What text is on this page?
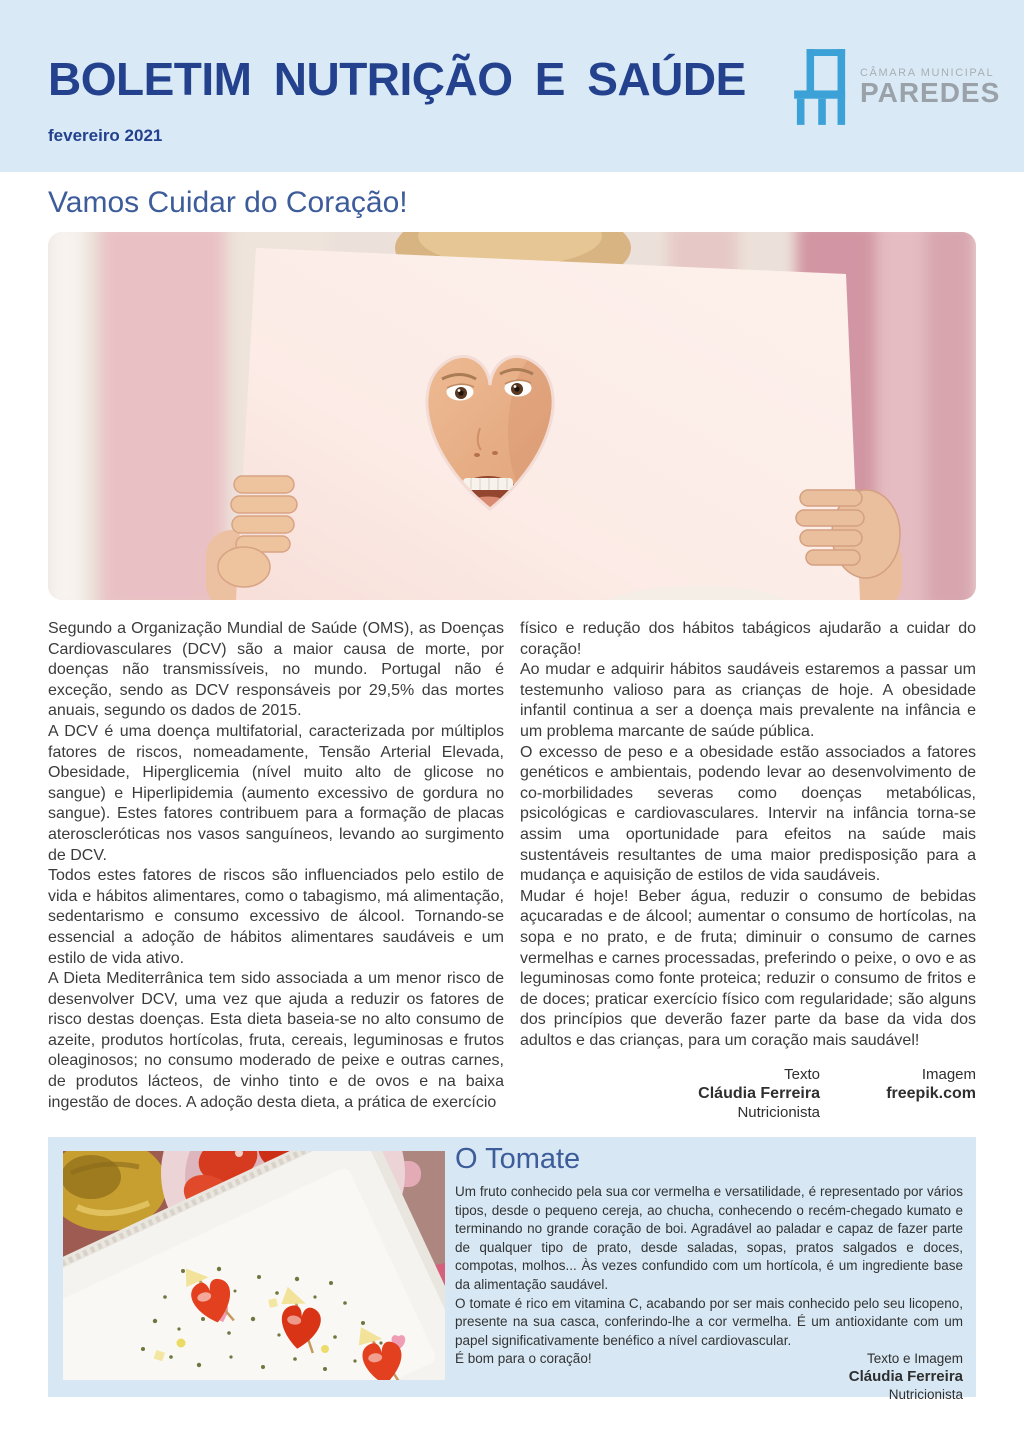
BOLETIM NUTRIÇÃO E SAÚDE
fevereiro 2021
CÂMARA MUNICIPAL
PAREDES
Vamos Cuidar do Coração!

Segundo a Organização Mundial de Saúde (OMS), as Doenças Cardiovasculares (DCV) são a maior causa de morte, por doenças não transmissíveis, no mundo. Portugal não é exceção, sendo as DCV responsáveis por 29,5% das mortes anuais, segundo os dados de 2015.

A DCV é uma doença multifatorial, caracterizada por múltiplos fatores de riscos, nomeadamente, Tensão Arterial Elevada, Obesidade, Hiperglicemia (nível muito alto de glicose no sangue) e Hiperlipidemia (aumento excessivo de gordura no sangue). Estes fatores contribuem para a formação de placas ateroscleróticas nos vasos sanguíneos, levando ao surgimento de DCV.

Todos estes fatores de riscos são influenciados pelo estilo de vida e hábitos alimentares, como o tabagismo, má alimentação, sedentarismo e consumo excessivo de álcool. Tornando-se essencial a adoção de hábitos alimentares saudáveis e um estilo de vida ativo.

A Dieta Mediterrânica tem sido associada a um menor risco de desenvolver DCV, uma vez que ajuda a reduzir os fatores de risco destas doenças. Esta dieta baseia-se no alto consumo de azeite, produtos hortícolas, fruta, cereais, leguminosas e frutos oleaginosos; no consumo moderado de peixe e outras carnes, de produtos lácteos, de vinho tinto e de ovos e na baixa ingestão de doces. A adoção desta dieta, a prática de exercício

físico e redução dos hábitos tabágicos ajudarão a cuidar do coração!

Ao mudar e adquirir hábitos saudáveis estaremos a passar um testemunho valioso para as crianças de hoje. A obesidade infantil continua a ser a doença mais prevalente na infância e um problema marcante de saúde pública.

O excesso de peso e a obesidade estão associados a fatores genéticos e ambientais, podendo levar ao desenvolvimento de co-morbilidades severas como doenças metabólicas, psicológicas e cardiovasculares. Intervir na infância torna-se assim uma oportunidade para efeitos na saúde mais sustentáveis resultantes de uma maior predisposição para a mudança e aquisição de estilos de vida saudáveis.

Mudar é hoje! Beber água, reduzir o consumo de bebidas açucaradas e de álcool; aumentar o consumo de hortícolas, na sopa e no prato, e de fruta; diminuir o consumo de carnes vermelhas e carnes processadas, preferindo o peixe, o ovo e as leguminosas como fonte proteica; reduzir o consumo de fritos e de doces; praticar exercício físico com regularidade; são alguns dos princípios que deverão fazer parte da base da vida dos adultos e das crianças, para um coração mais saudável!

Texto
Cláudia Ferreira
Nutricionista
Imagem
freepik.com
O Tomate

Um fruto conhecido pela sua cor vermelha e versatilidade, é representado por vários tipos, desde o pequeno cereja, ao chucha, conhecendo o recém-chegado kumato e terminando no grande coração de boi. Agradável ao paladar e capaz de fazer parte de qualquer tipo de prato, desde saladas, sopas, pratos salgados e doces, compotas, molhos... Às vezes confundido com um hortícola, é um ingrediente base da alimentação saudável.

O tomate é rico em vitamina C, acabando por ser mais conhecido pelo seu licopeno, presente na sua casca, conferindo-lhe a cor vermelha. É um antioxidante com um papel significativamente benéfico a nível cardiovascular.

É bom para o coração!	Texto e Imagem
Cláudia Ferreira
Nutricionista
